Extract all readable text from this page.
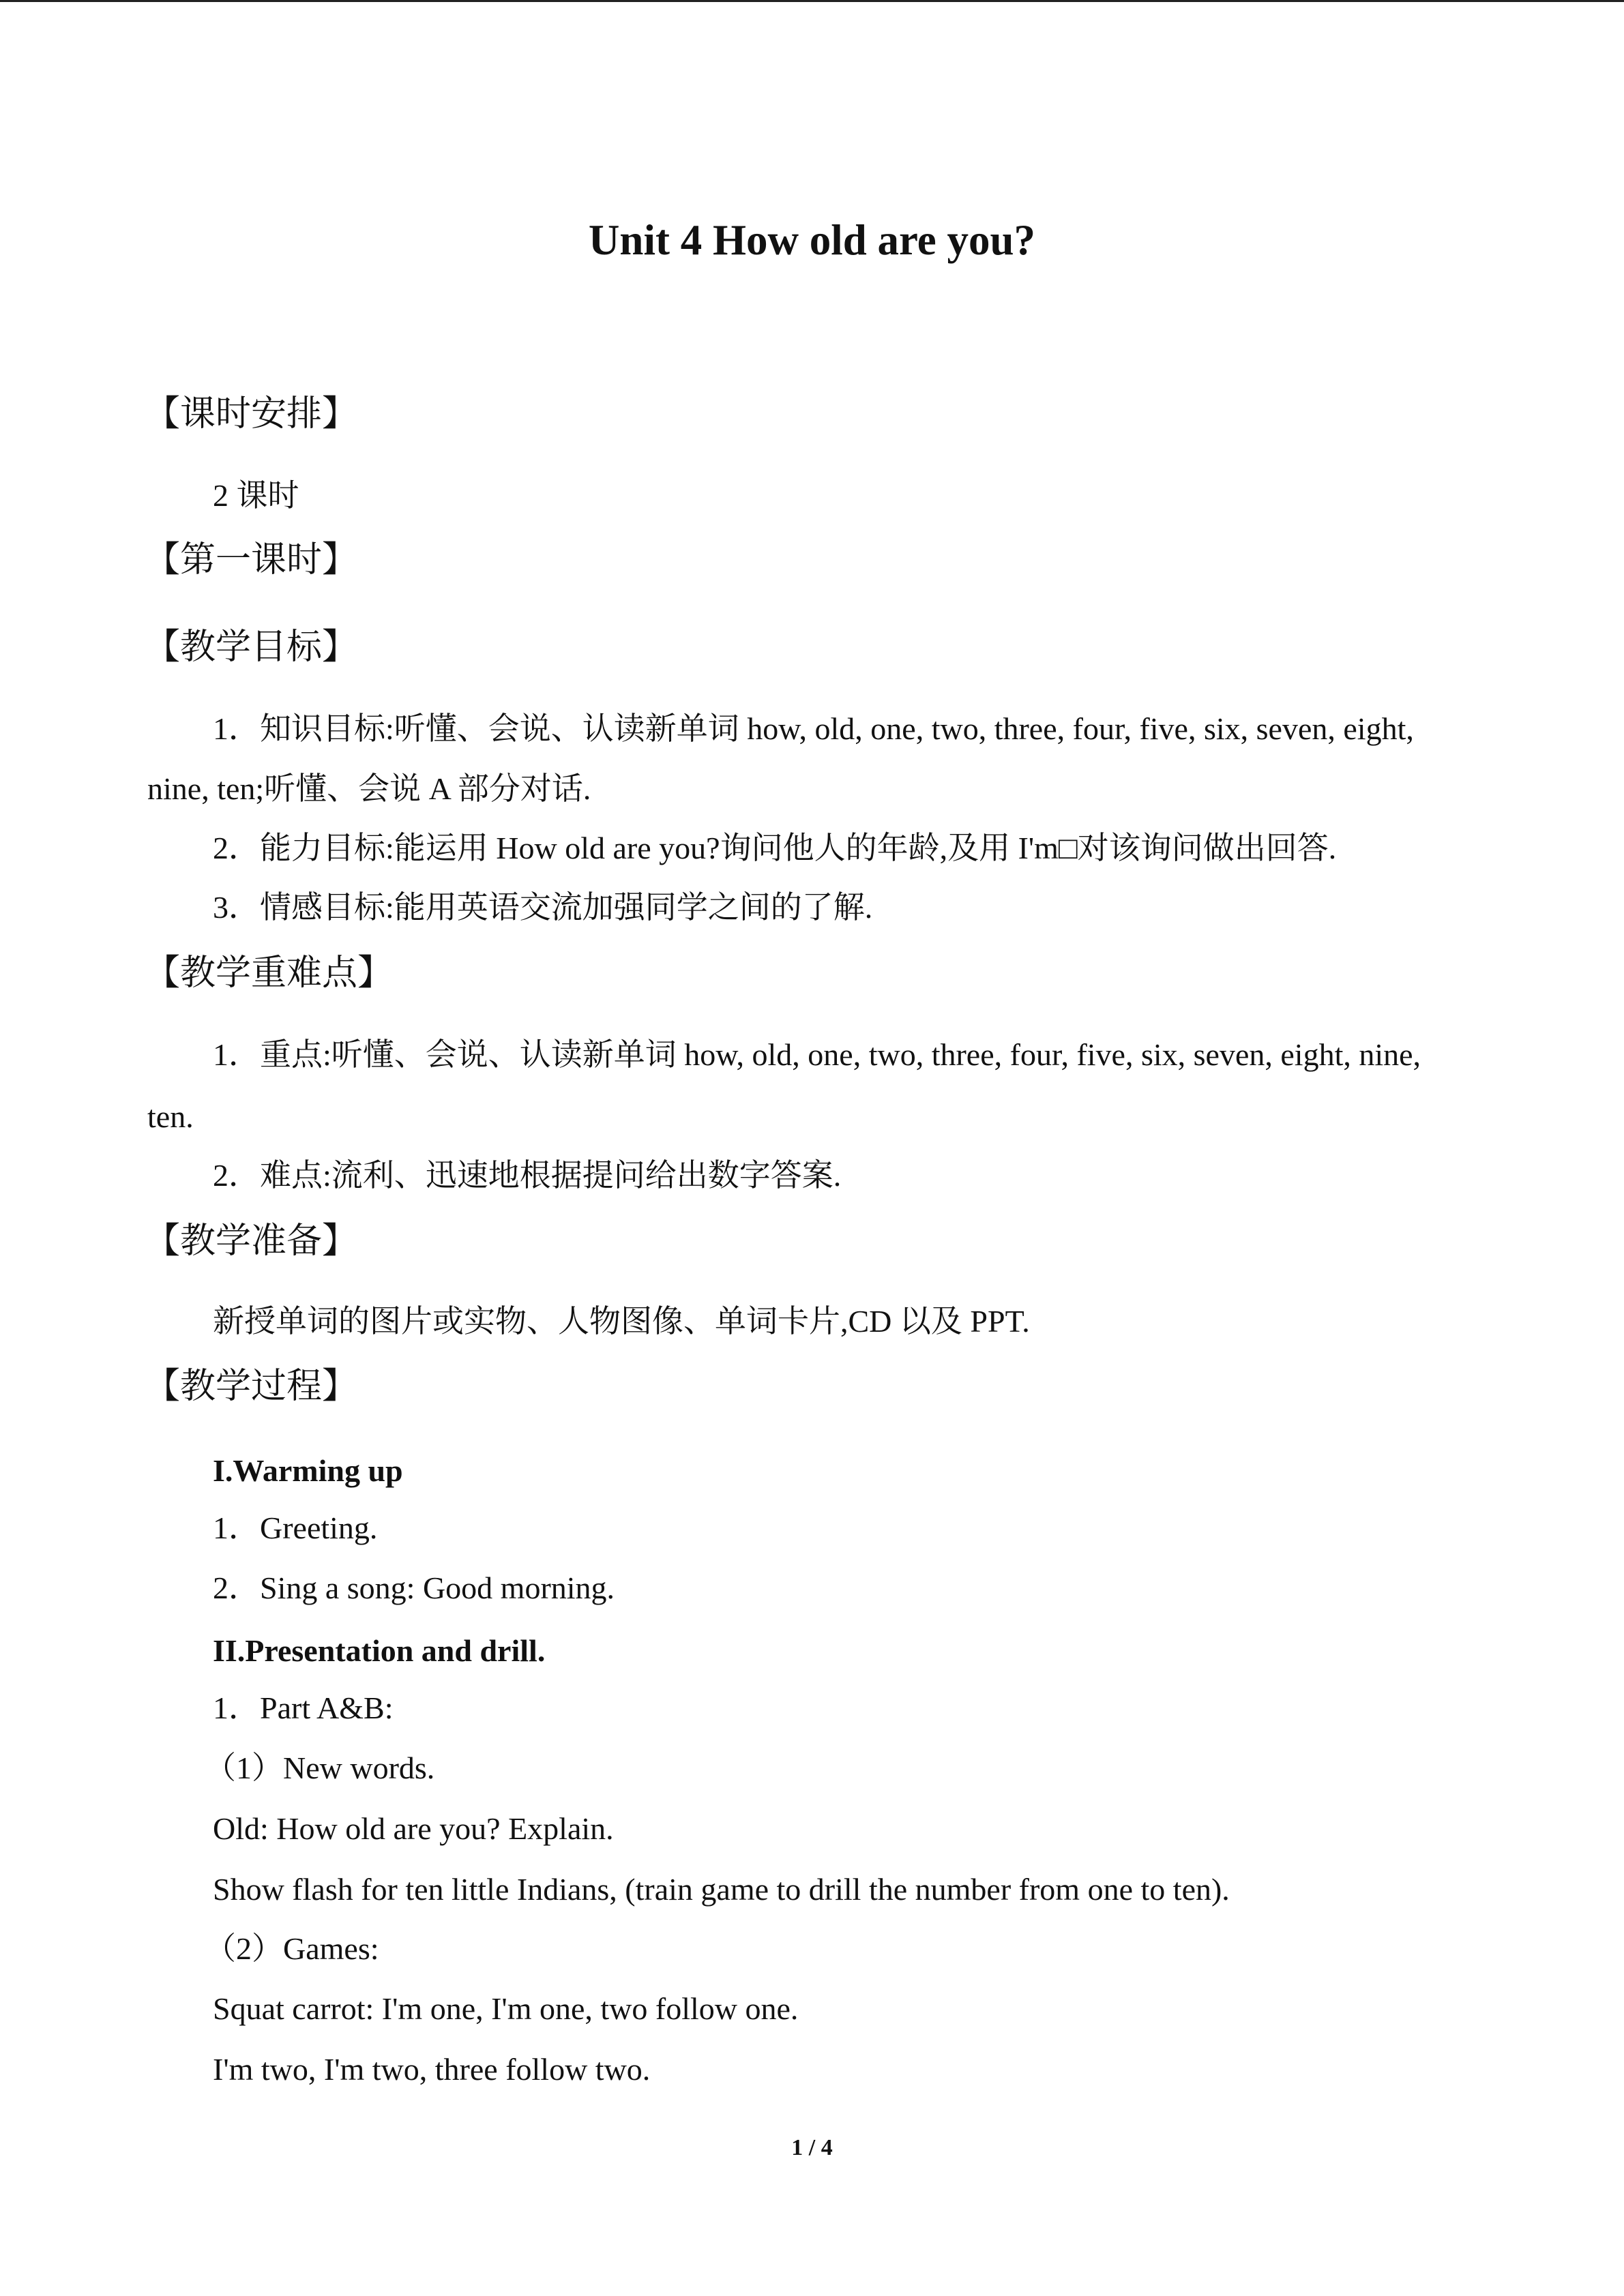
Unit 4 How old are you?
【课时安排】
2 课时
【第一课时】
【教学目标】
1．知识目标:听懂、会说、认读新单词 how, old, one, two, three, four, five, six, seven, eight,
nine, ten;听懂、会说 A 部分对话.
2．能力目标:能运用 How old are you?询问他人的年龄,及用 I'm□对该询问做出回答.
3．情感目标:能用英语交流加强同学之间的了解.
【教学重难点】
1．重点:听懂、会说、认读新单词 how, old, one, two, three, four, five, six, seven, eight, nine,
ten.
2．难点:流利、迅速地根据提问给出数字答案.
【教学准备】
新授单词的图片或实物、人物图像、单词卡片,CD 以及 PPT.
【教学过程】
I.Warming up
1．Greeting.
2．Sing a song: Good morning.
II.Presentation and drill.
1．Part A&B:
（1）New words.
Old: How old are you? Explain.
Show flash for ten little Indians, (train game to drill the number from one to ten).
（2）Games:
Squat carrot: I'm one, I'm one, two follow one.
I'm two, I'm two, three follow two.
1 / 4
